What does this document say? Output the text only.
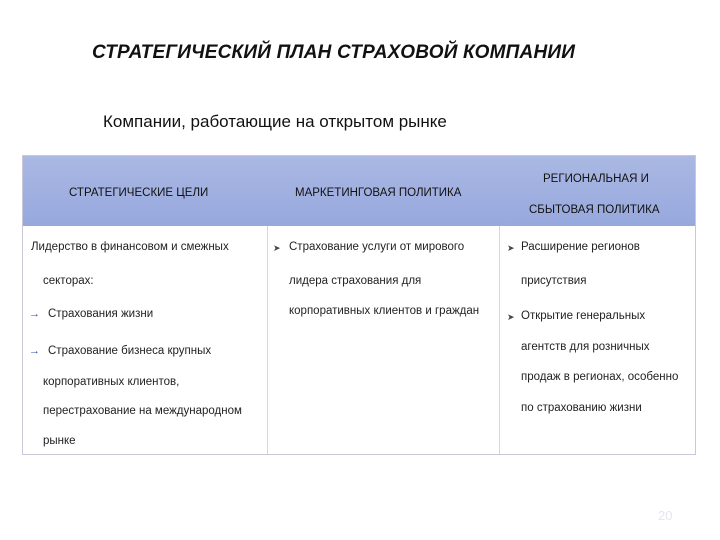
СТРАТЕГИЧЕСКИЙ ПЛАН СТРАХОВОЙ КОМПАНИИ
Компании, работающие на открытом рынке
СТРАТЕГИЧЕСКИЕ ЦЕЛИ	МАРКЕТИНГОВАЯ ПОЛИТИКА
РЕГИОНАЛЬНАЯ И
СБЫТОВАЯ ПОЛИТИКА
Лидерство в финансовом и смежных
секторах:
→ Страхования жизни
→ Страхование бизнеса крупных
корпоративных клиентов,
перестрахование на международном
рынке
➤ Страхование услуги от мирового
лидера страхования для
корпоративных клиентов и граждан
➤ Расширение регионов
присутствия
➤ Открытие генеральных
агентств для розничных
продаж в регионах, особенно
по страхованию жизни
20
